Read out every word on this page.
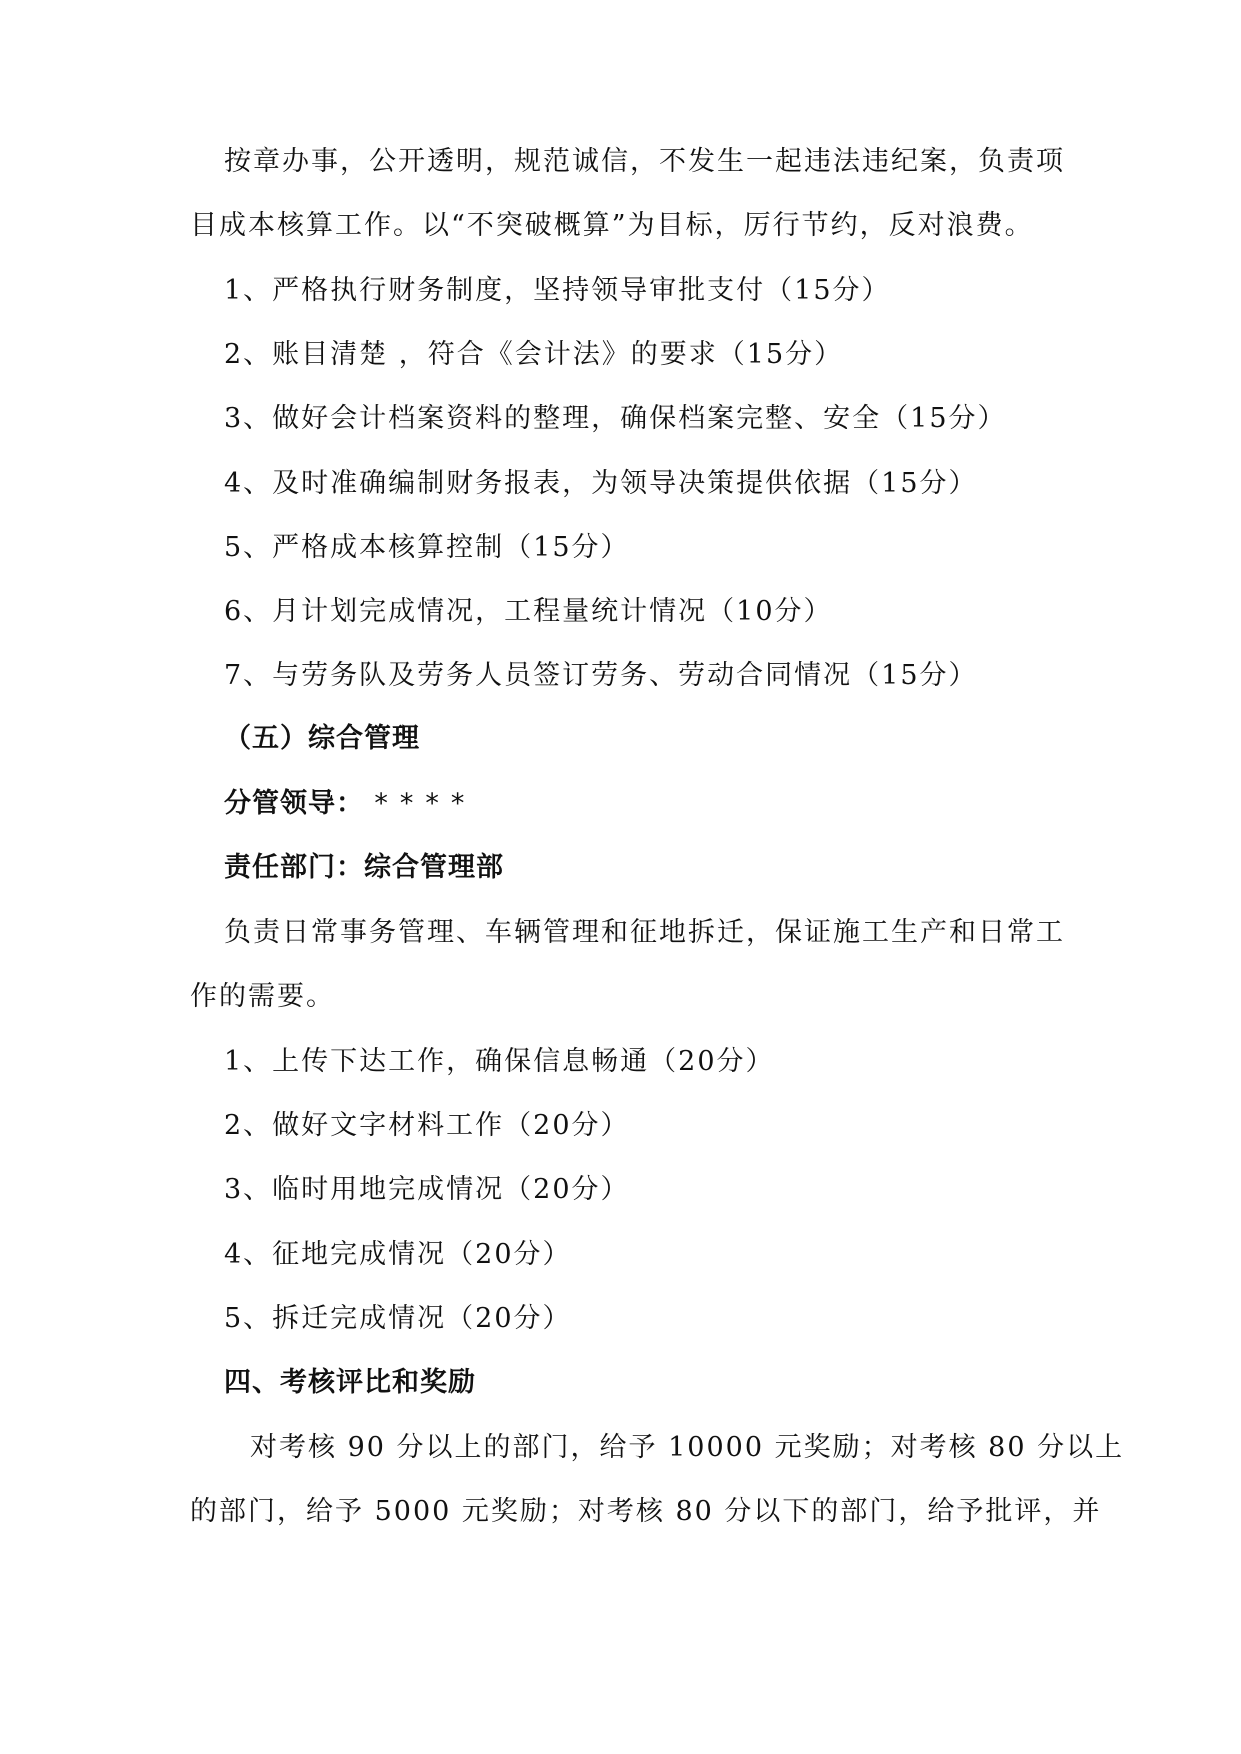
按章办事，公开透明，规范诚信，不发生一起违法违纪案，负责项
目成本核算工作。以“不突破概算”为目标，厉行节约，反对浪费。
1、严格执行财务制度，坚持领导审批支付（15分）
2、账目清楚 ，符合《会计法》的要求（15分）
3、做好会计档案资料的整理，确保档案完整、安全（15分）
4、及时准确编制财务报表，为领导决策提供依据（15分）
5、严格成本核算控制（15分）
6、月计划完成情况，工程量统计情况（10分）
7、与劳务队及劳务人员签订劳务、劳动合同情况（15分）
（五）综合管理
分管领导： ****
责任部门：综合管理部
负责日常事务管理、车辆管理和征地拆迁，保证施工生产和日常工
作的需要。
1、上传下达工作，确保信息畅通（20分）
2、做好文字材料工作（20分）
3、临时用地完成情况（20分）
4、征地完成情况（20分）
5、拆迁完成情况（20分）
四、考核评比和奖励
对考核 90 分以上的部门，给予 10000 元奖励；对考核 80 分以上
的部门，给予 5000 元奖励；对考核 80 分以下的部门，给予批评，并
